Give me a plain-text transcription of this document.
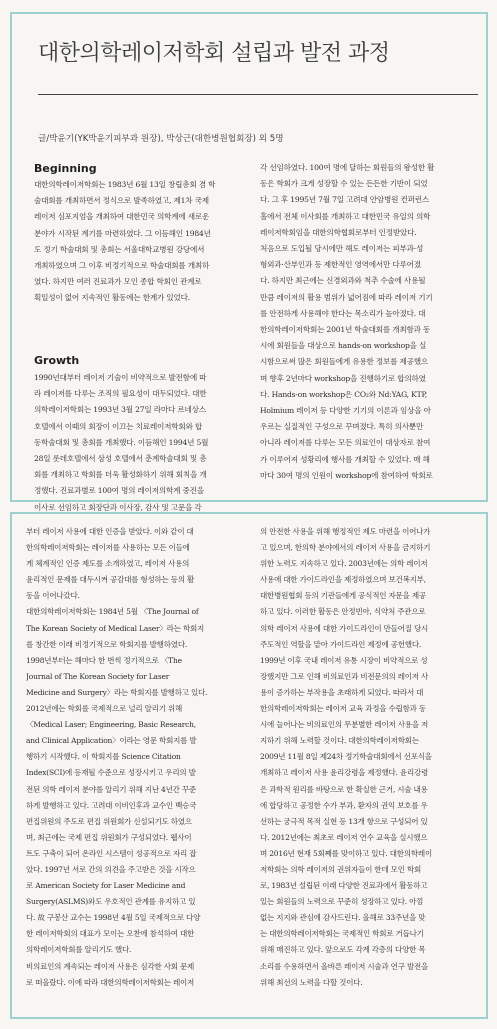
대한의학레이저학회 설립과 발전 과정
글/박윤기(YK박윤기피부과 원장), 박상근(대한병원협회장) 외 5명
Beginning
대한의학레이저학회는 1983년 6월 13일 창립총회 겸 학
술대회를 개최하면서 정식으로 발족하였고, 제1차 국제
레이저 심포지엄을 개최하여 대한민국 의학계에 새로운
분야가 시작된 계기를 마련하였다. 그 이듬해인 1984년
도 정기 학술대회 및 총회는 서울대학교병원 강당에서
개최하였으며 그 이후 비정기적으로 학술대회를 개최하
였다. 하지만 여러 진료과가 모인 종합 학회인 관계로
획일성이 없어 지속적인 활동에는 한계가 있었다.
Growth
1990년대부터 레이저 기술이 비약적으로 발전함에 따
라 레이저를 다루는 조직의 필요성이 대두되었다. 대한
의학레이저학회는 1993년 3월 27일 라마다 르네상스
호텔에서 이때의 회장이 이끄는 치료레이저학회와 합
동학술대회 및 총회를 개최했다. 이듬해인 1994년 5월
28일 롯데호텔에서 삼성 호텔에서 춘계학술대회 및 총
회를 개최하고 학회를 더욱 활성화하기 위해 회칙을 개
정했다. 진료과별로 100여 명의 레이저의학계 중진을
이사로 선임하고 회장단과 이사장, 감사 및 고문을 각
각 선임하였다. 100여 명에 달하는 회원들의 왕성한 활
동은 학회가 크게 성장할 수 있는 든든한 기반이 되었
다. 그 후 1995년 7월 7일 고려대 안암병원 컨퍼런스
홀에서 전체 이사회를 개최하고 대한민국 유일의 의학
레이저학회임을 대한의학협회로부터 인정받았다.
처음으로 도입될 당시에만 해도 레이저는 피부과·성
형외과·산부인과 등 제한적인 영역에서만 다루어졌
다. 하지만 최근에는 신경외과와 척추 수술에 사용될
만큼 레이저의 활용 범위가 넓어짐에 따라 레이저 기기
를 안전하게 사용해야 한다는 목소리가 높아졌다. 대
한의학레이저학회는 2001년 학술대회를 개최함과 동
시에 회원들을 대상으로 hands-on workshop을 실
시함으로써 많은 회원들에게 유용한 정보를 제공했으
며 향후 2년마다 workshop을 진행하기로 합의하였
다. Hands-on workshop은 CO₂와 Nd:YAG, KTP,
Holmium 레이저 등 다양한 기기의 이론과 임상을 아
우르는 실질적인 구성으로 꾸며졌다. 특히 의사뿐만
아니라 레이저를 다루는 모든 의료인이 대상자로 참여
가 이루어져 성황리에 행사를 개최할 수 있었다. 매 해
마다 30여 명의 인원이 workshop에 참여하여 학회로
부터 레이저 사용에 대한 인증을 받았다. 이와 같이 대
한의학레이저학회는 레이저를 사용하는 모든 이들에
게 체계적인 인증 제도를 소개하였고, 레이저 사용의
윤리적인 문제를 대두시켜 공감대를 형성하는 등의 활
동을 이어나갔다.
대한의학레이저학회는 1984년 5월 〈The Journal of
The Korean Society of Medical Laser〉라는 학회지
를 창간한 이래 비정기적으로 학회지를 발행하였다.
1998년부터는 해마다 한 번씩 정기적으로 〈The
Journal of The Korean Society for Laser
Medicine and Surgery〉라는 학회지를 발행하고 있다.
2012년에는 학회를 국제적으로 널리 알리기 위해
〈Medical Laser; Engineering, Basic Research,
and Clinical Application〉이라는 영문 학회지를 발
행하기 시작했다. 이 학회지를 Science Citation
Index(SCI)에 등재될 수준으로 성장시키고 우리의 발
전된 의학 레이저 분야를 알리기 위해 지난 4년간 꾸준
하게 발행하고 있다. 고려대 이비인후과 교수인 백승국
편집위원의 주도로 편집 위원회가 신설되기도 하였으
며, 최근에는 국제 편집 위원회가 구성되었다. 웹사이
트도 구축이 되어 온라인 시스템이 성공적으로 자리 잡
았다. 1997년 서로 간의 의견을 주고받은 것을 시작으
로 American Society for Laser Medicine and
Surgery(ASLMS)와도 우호적인 관계를 유지하고 있
다. 故 구봉산 교수는 1998년 4월 5일 국제적으로 다양
한 레이저학회의 대표가 모이는 오찬에 참석하여 대한
의학레이저학회를 알리기도 했다.
비의료인의 계속되는 레이저 사용은 심각한 사회 문제
로 떠올랐다. 이에 따라 대한의학레이저학회는 레이저
의 안전한 사용을 위해 행정적인 제도 마련을 이어나가
고 있으며, 한의학 분야에서의 레이저 사용을 금지하기
위한 노력도 지속하고 있다. 2003년에는 의학 레이저
사용에 대한 가이드라인을 제정하였으며 보건복지부,
대한병원협회 등의 기관들에게 공식적인 자문을 제공
하고 있다. 이러한 활동은 안정빈아, 식약처 주관으로
의학 레이저 사용에 대한 가이드라인이 만들어질 당시
주도적인 역할을 맡아 가이드라인 제정에 공헌했다.
1999년 이후 국내 레이저 유통 시장이 비약적으로 성
장했지만 그로 인해 비의료인과 비전문의의 레이저 사
용이 증가하는 부작용을 초래하게 되었다. 따라서 대
한의학레이저학회는 레이저 교육 과정을 수립함과 동
시에 늘어나는 비의료인의 무분별한 레이저 사용을 저
지하기 위해 노력할 것이다. 대한의학레이저학회는
2009년 11월 8일 제24차 정기학술대회에서 선포식을
개최하고 레이저 사용 윤리강령을 제정했다. 윤리강령
은 과학적 원리를 바탕으로 한 확실한 근거, 시술 내용
에 합당하고 공정한 수가 부과, 환자의 권익 보호를 우
선하는 궁극적 목적 실현 등 13개 항으로 구성되어 있
다. 2012년에는 최초로 레이저 연수 교육을 실시했으
며 2016년 현재 5회째를 맞이하고 있다. 대한의학레이
저학회는 의학 레이저의 권위자들이 한데 모인 학회
로, 1983년 설립된 이래 다양한 진료과에서 활동하고
있는 회원들의 노력으로 꾸준히 성장하고 있다. 아낌
없는 지지와 관심에 감사드린다. 올해로 33주년을 맞
는 대한의학레이저학회는 국제적인 학회로 거듭나기
위해 매진하고 있다. 앞으로도 각계 각층의 다양한 목
소리를 수용하면서 올바른 레이저 시술과 연구 발전을
위해 최선의 노력을 다할 것이다.
